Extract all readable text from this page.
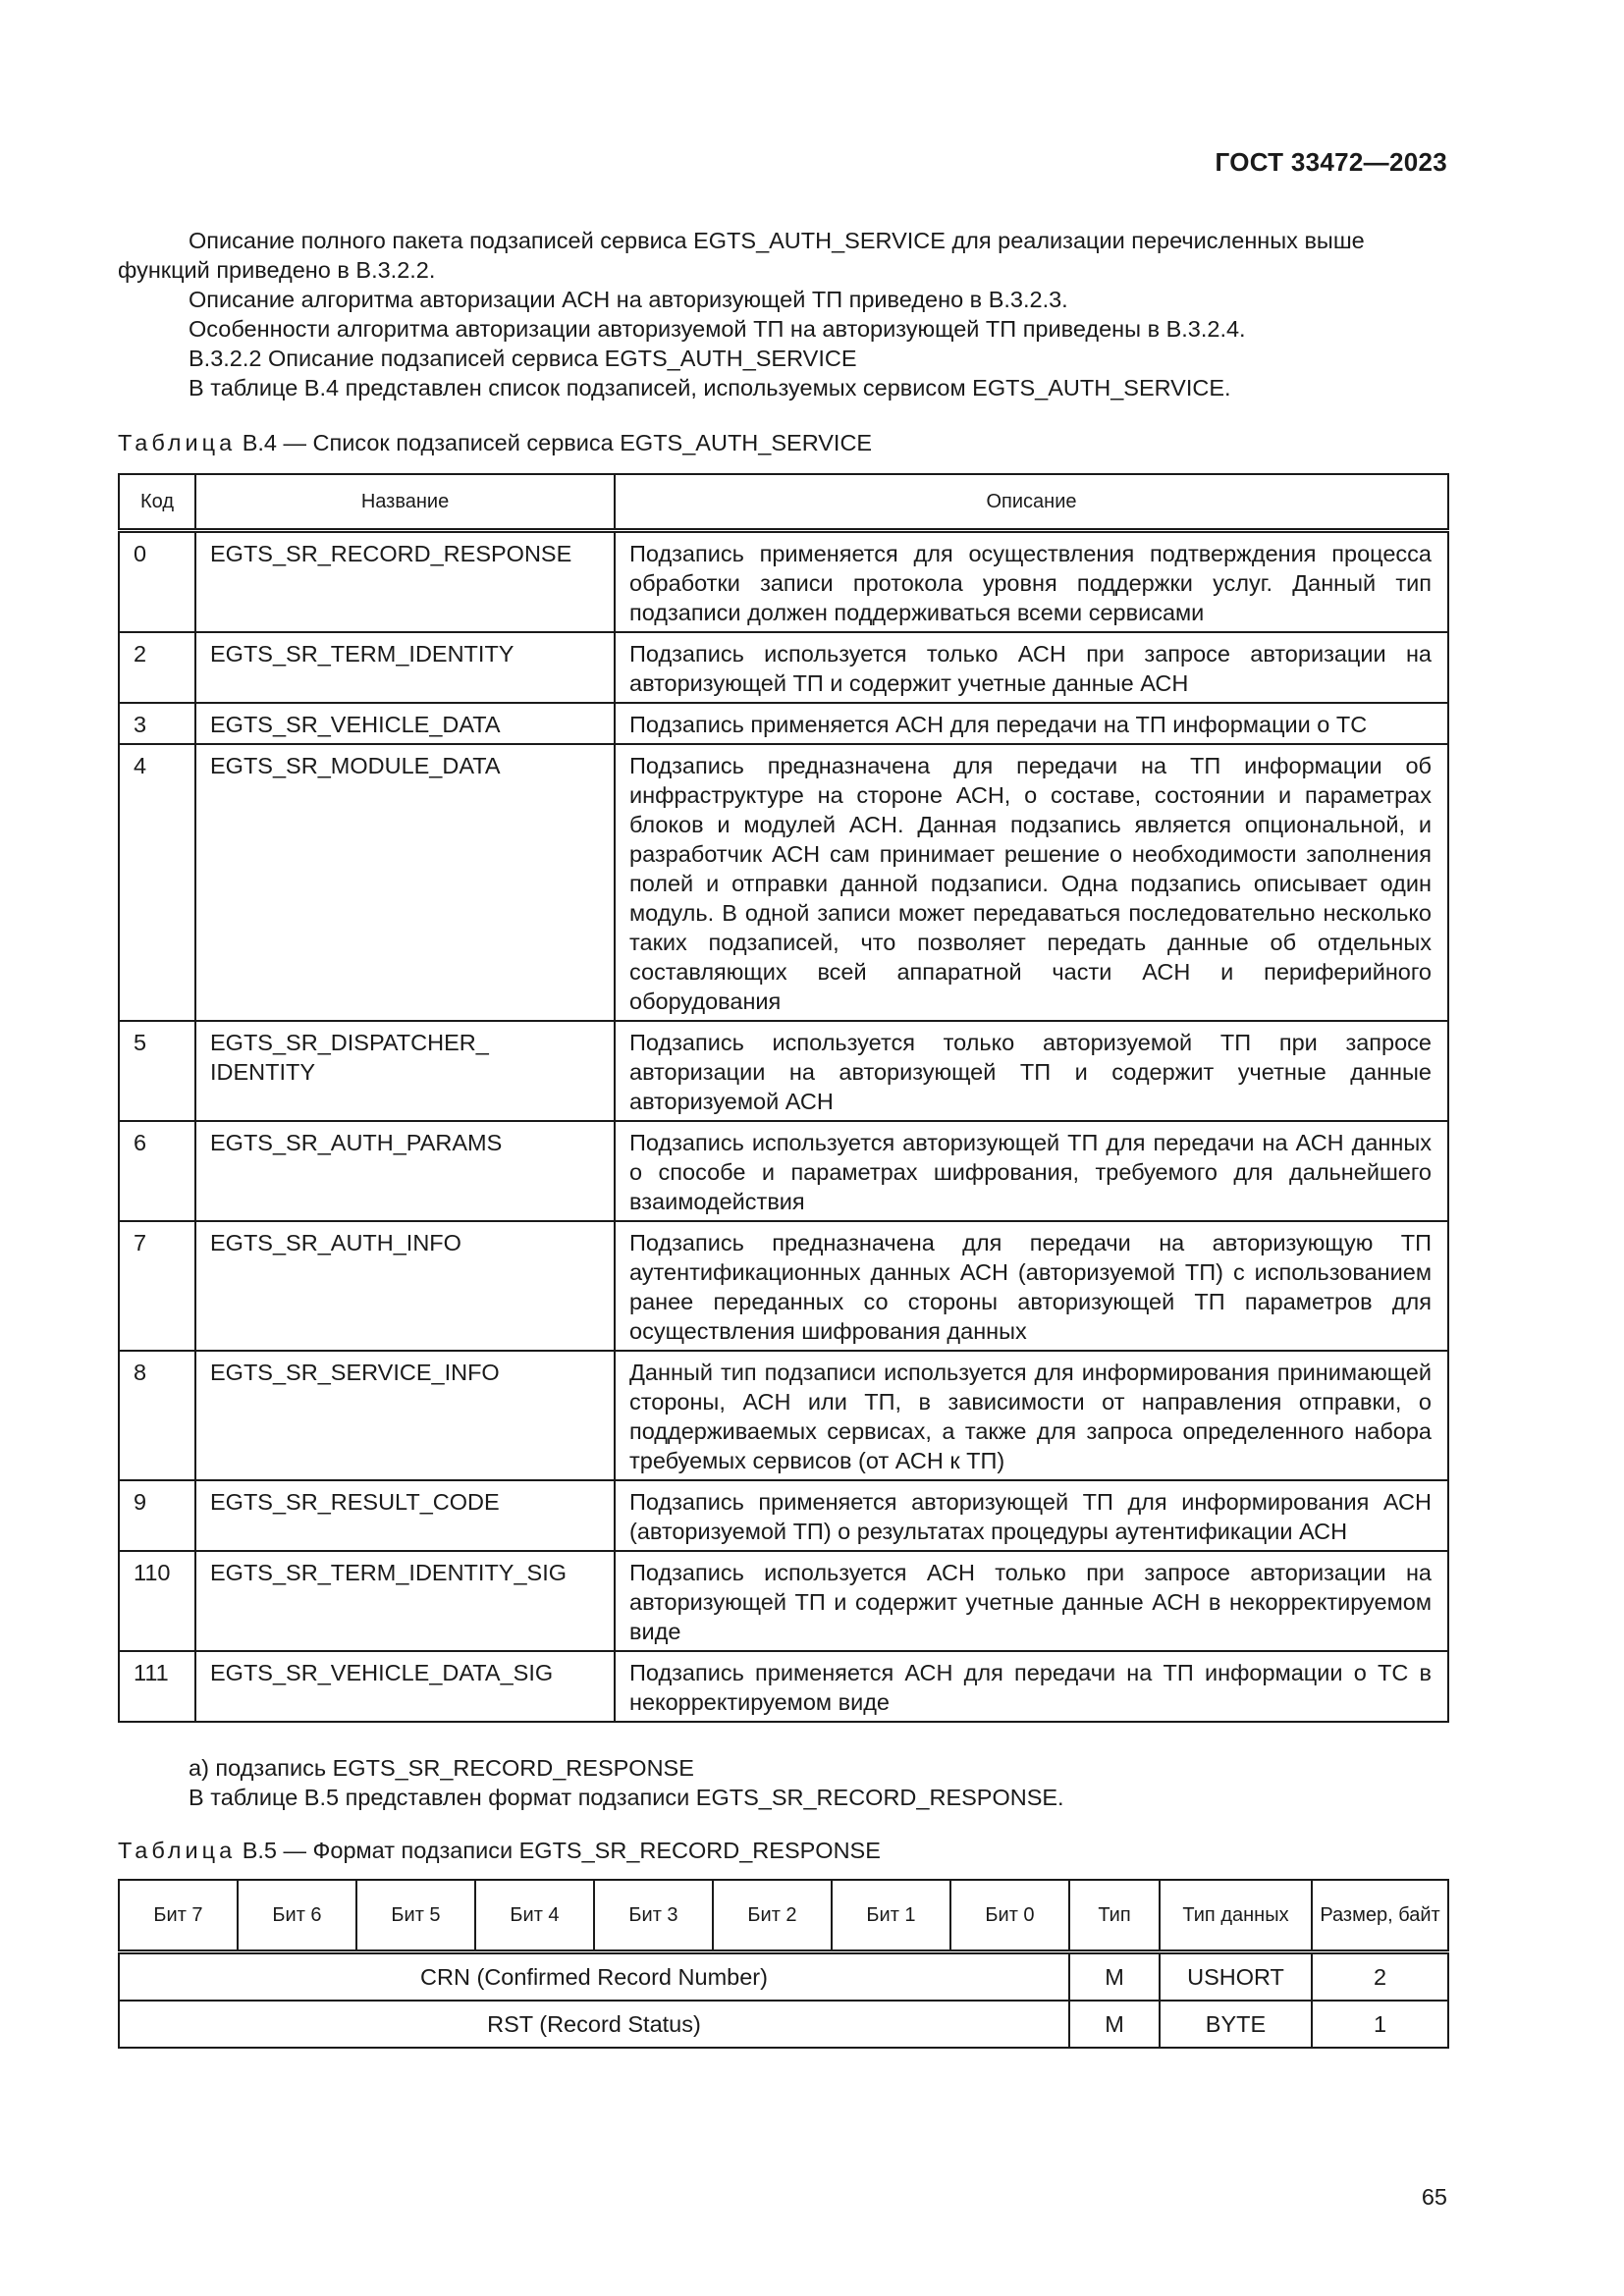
ГОСТ 33472—2023
Описание полного пакета подзаписей сервиса EGTS_AUTH_SERVICE для реализации перечисленных выше функций приведено в В.3.2.2.
Описание алгоритма авторизации АСН на авторизующей ТП приведено в В.3.2.3.
Особенности алгоритма авторизации авторизуемой ТП на авторизующей ТП приведены в В.3.2.4.
В.3.2.2 Описание подзаписей сервиса EGTS_AUTH_SERVICE
В таблице В.4 представлен список подзаписей, используемых сервисом EGTS_AUTH_SERVICE.
Таблица В.4 — Список подзаписей сервиса EGTS_AUTH_SERVICE
Код	Название	Описание
0	EGTS_SR_RECORD_RESPONSE	Подзапись применяется для осуществления подтверждения процесса обработки записи протокола уровня поддержки услуг. Данный тип подзаписи должен поддерживаться всеми сервисами
2	EGTS_SR_TERM_IDENTITY	Подзапись используется только АСН при запросе авторизации на авторизующей ТП и содержит учетные данные АСН
3	EGTS_SR_VEHICLE_DATA	Подзапись применяется АСН для передачи на ТП информации о ТС
4	EGTS_SR_MODULE_DATA	Подзапись предназначена для передачи на ТП информации об инфраструктуре на стороне АСН, о составе, состоянии и параметрах блоков и модулей АСН. Данная подзапись является опциональной, и разработчик АСН сам принимает решение о необходимости заполнения полей и отправки данной подзаписи. Одна подзапись описывает один модуль. В одной записи может передаваться последовательно несколько таких подзаписей, что позволяет передать данные об отдельных составляющих всей аппаратной части АСН и периферийного оборудования
5	EGTS_SR_DISPATCHER_ IDENTITY	Подзапись используется только авторизуемой ТП при запросе авторизации на авторизующей ТП и содержит учетные данные авторизуемой АСН
6	EGTS_SR_AUTH_PARAMS	Подзапись используется авторизующей ТП для передачи на АСН данных о способе и параметрах шифрования, требуемого для дальнейшего взаимодействия
7	EGTS_SR_AUTH_INFO	Подзапись предназначена для передачи на авторизующую ТП аутентификационных данных АСН (авторизуемой ТП) с использованием ранее переданных со стороны авторизующей ТП параметров для осуществления шифрования данных
8	EGTS_SR_SERVICE_INFO	Данный тип подзаписи используется для информирования принимающей стороны, АСН или ТП, в зависимости от направления отправки, о поддерживаемых сервисах, а также для запроса определенного набора требуемых сервисов (от АСН к ТП)
9	EGTS_SR_RESULT_CODE	Подзапись применяется авторизующей ТП для информирования АСН (авторизуемой ТП) о результатах процедуры аутентификации АСН
110	EGTS_SR_TERM_IDENTITY_SIG	Подзапись используется АСН только при запросе авторизации на авторизующей ТП и содержит учетные данные АСН в некорректируемом виде
111	EGTS_SR_VEHICLE_DATA_SIG	Подзапись применяется АСН для передачи на ТП информации о ТС в некорректируемом виде
а) подзапись EGTS_SR_RECORD_RESPONSE
В таблице В.5 представлен формат подзаписи EGTS_SR_RECORD_RESPONSE.
Таблица В.5 — Формат подзаписи EGTS_SR_RECORD_RESPONSE
Бит 7	Бит 6	Бит 5	Бит 4	Бит 3	Бит 2	Бит 1	Бит 0	Тип	Тип данных	Размер, байт
CRN (Confirmed Record Number)								M	USHORT	2
RST (Record Status)								M	BYTE	1
65
